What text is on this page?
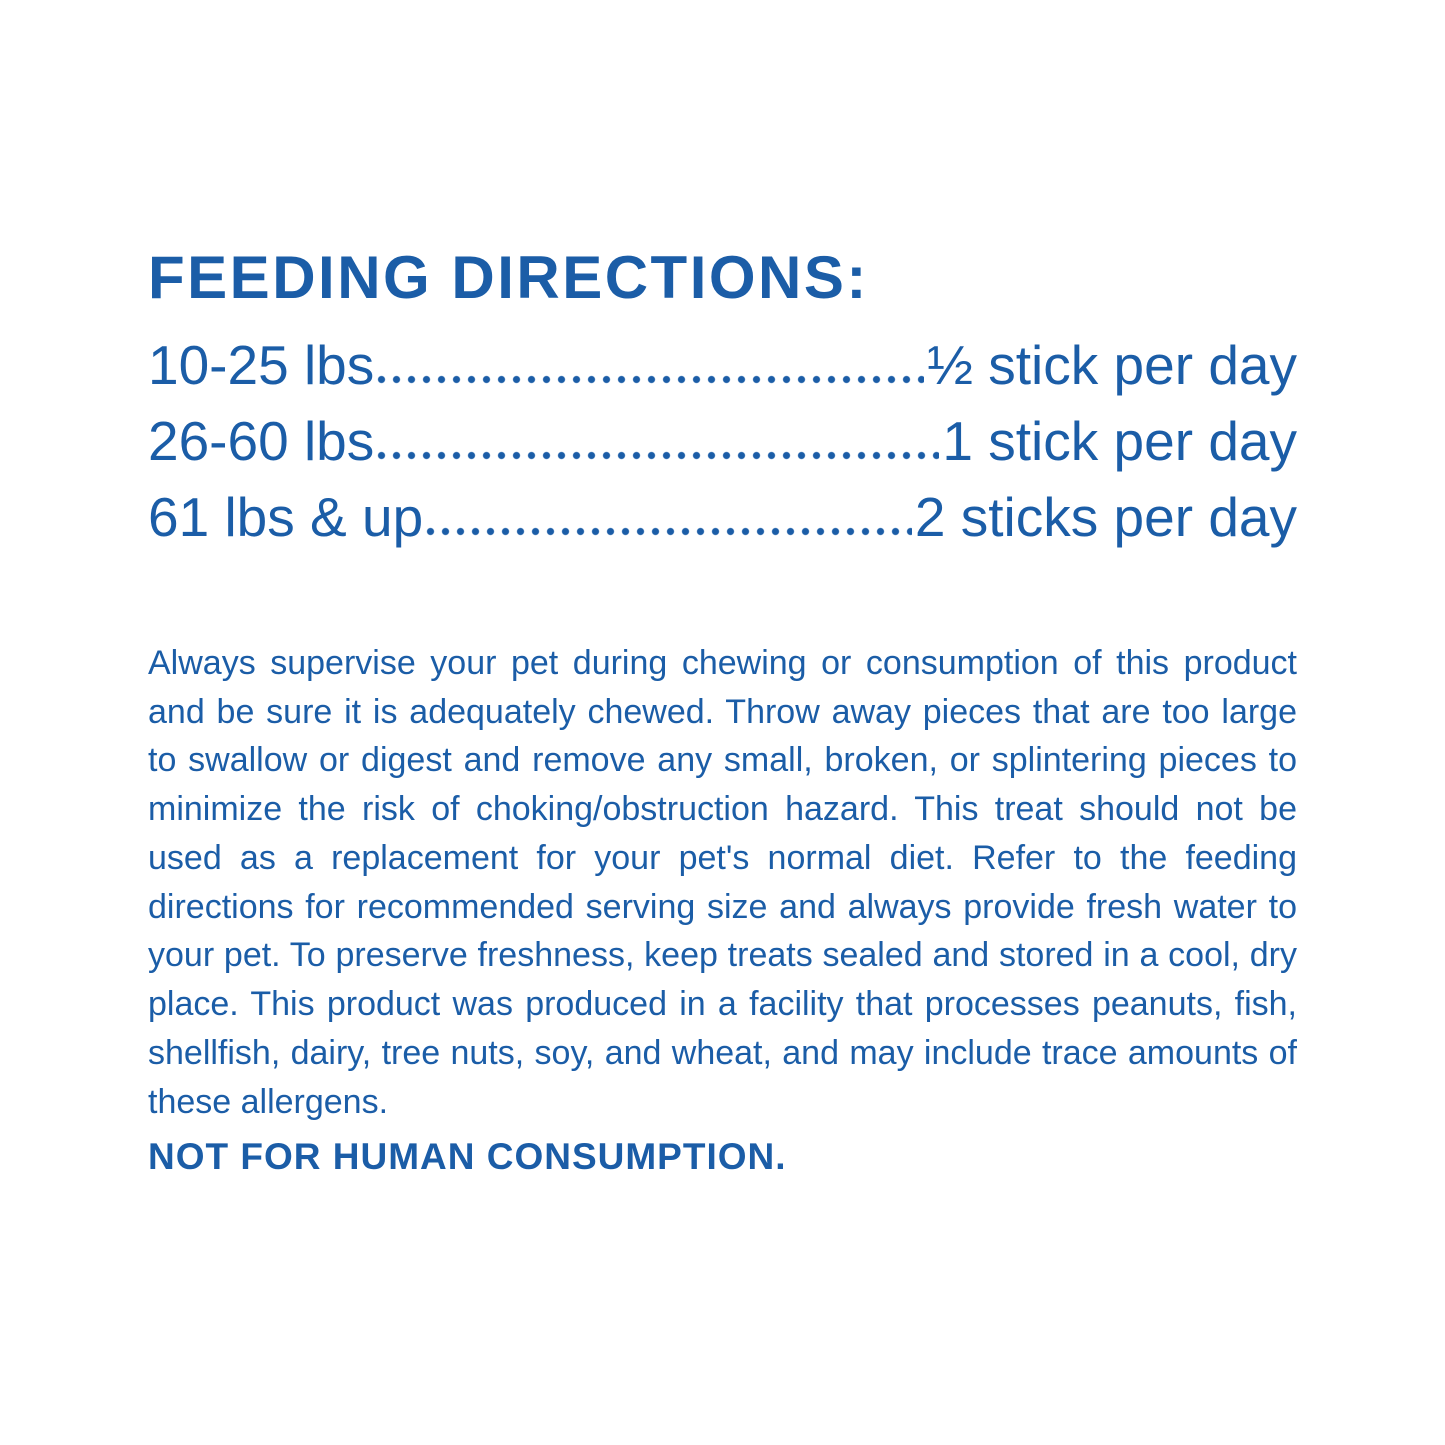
FEEDING DIRECTIONS:
10-25 lbs	½ stick per day
26-60 lbs	1 stick per day
61 lbs & up	2 sticks per day

Always supervise your pet during chewing or consumption of this product and be sure it is adequately chewed. Throw away pieces that are too large to swallow or digest and remove any small, broken, or splintering pieces to minimize the risk of choking/obstruction hazard. This treat should not be used as a replacement for your pet's normal diet. Refer to the feeding directions for recommended serving size and always provide fresh water to your pet. To preserve freshness, keep treats sealed and stored in a cool, dry place. This product was produced in a facility that processes peanuts, fish, shellfish, dairy, tree nuts, soy, and wheat, and may include trace amounts of these allergens.

NOT FOR HUMAN CONSUMPTION.
